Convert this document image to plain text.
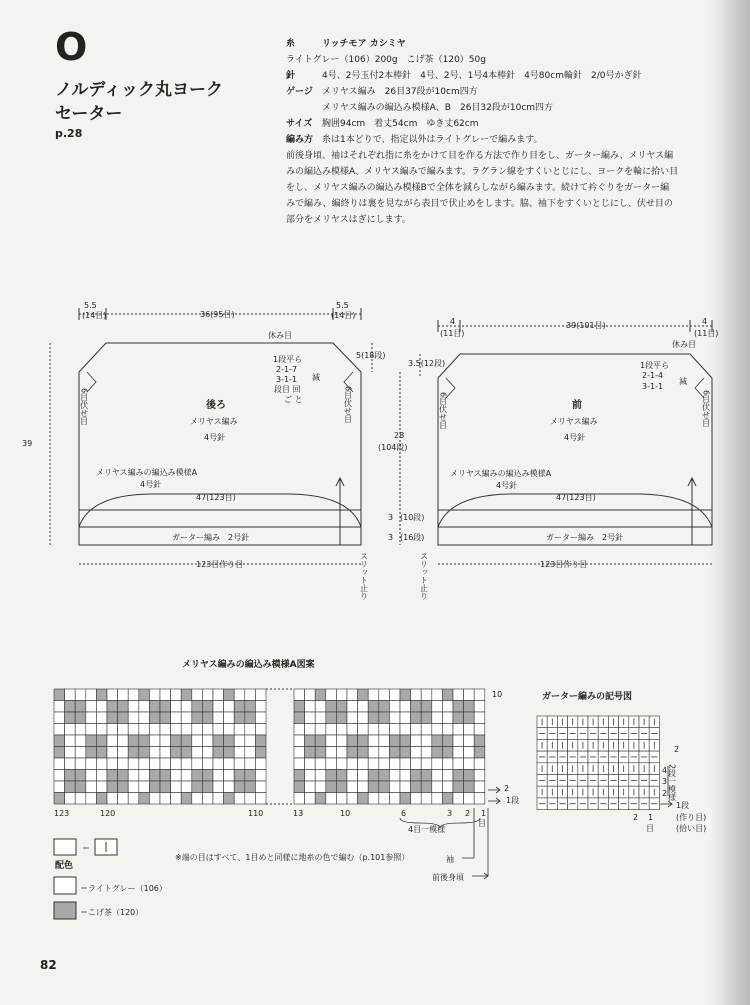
O
ノルディック丸ヨーク
セーター
p.28
糸	リッチモア カシミヤ
ライトグレー（106）200g　こげ茶（120）50g
針	4号、2号玉付2本棒針　4号、2号、1号4本棒針　4号80cm輪針　2/0号かぎ針
ゲージ メリヤス編み　26目37段が10cm四方
メリヤス編みの編込み模様A、B　26目32段が10cm四方
サイズ 胸囲94cm　着丈54cm　ゆき丈62cm
編み方 糸は1本どりで、指定以外はライトグレーで編みます。
前後身頃、袖はそれぞれ指に糸をかけて目を作る方法で作り目をし、ガーター編み、メリヤス編
みの編込み模様A、メリヤス編みで編みます。ラグラン線をすくいとじにし、ヨークを輪に拾い目
をし、メリヤス編みの編込み模様Bで全体を減らしながら編みます。続けて衿ぐりをガーター編
みで編み、編終りは裏を見ながら表目で伏止めをします。脇、袖下をすくいとじにし、伏せ目の
部分をメリヤスはぎにします。
5.5
(14目)	36(95目)
5.5
(14目)
休み目
1段平ら
2-1-7
3-1-1
段目 回
ご と
減
5(18段)
39
後ろ
メリヤス編み
4号針
メリヤス編みの編込み模様A
4号針
47(123目)
ガーター編み　2号針
123目作り目
6目伏せ目	6目伏せ目
スリット止り
28
(104段)
3 (10段)
3 (16段)
4
(11目)
39(101目)	4
(11目)
休み目
3.5(12段)	1段平ら
2-1-4
3-1-1
減
前
メリヤス編み
4号針
メリヤス編みの編込み模様A
4号針
47(123目)
ガーター編み　2号針
123目作り目
6目伏せ目	6目伏せ目
スリット止り
メリヤス編みの編込み模様A図案
123	120	110	13	10	6	3 2 1
10
2
1段
4目一模様
目
※端の目はすべて、1目めと同様に地糸の色で編む（p.101参照）	袖
前後身頃
＝
配色
＝ライトグレー（106）
＝こげ茶（120）
ガーター編みの記号図
4
3
2
1段
2
2段一模様
2 1
目
(作り目)
(拾い目)
82
